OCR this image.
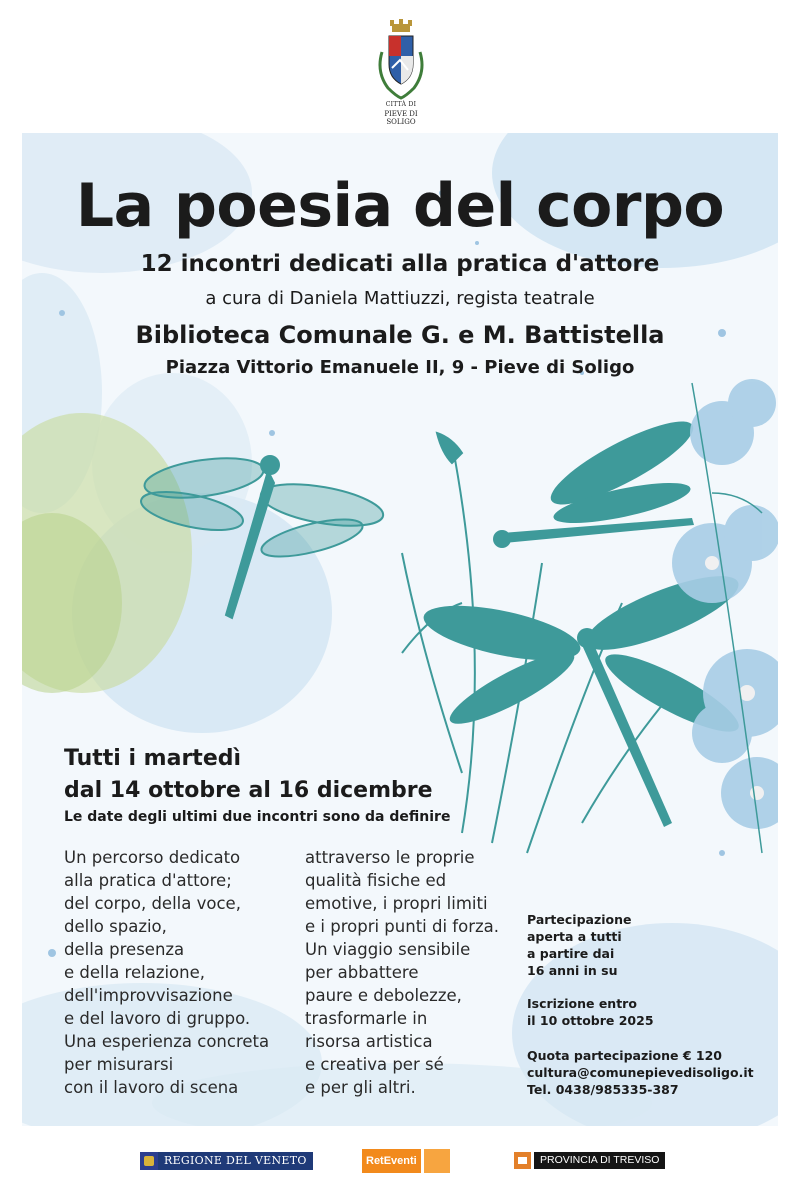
CITTÀ DI
PIEVE DI SOLIGO
La poesia del corpo
12 incontri dedicati alla pratica d'attore
a cura di Daniela Mattiuzzi, regista teatrale
Biblioteca Comunale G. e M. Battistella
Piazza Vittorio Emanuele II, 9 - Pieve di Soligo
Tutti i martedì
dal 14 ottobre al 16 dicembre
Le date degli ultimi due incontri sono da definire
Un percorso dedicato
alla pratica d'attore;
del corpo, della voce,
dello spazio,
della presenza
e della relazione,
dell'improvvisazione
e del lavoro di gruppo.
Una esperienza concreta
per misurarsi
con il lavoro di scena
attraverso le proprie
qualità fisiche ed
emotive, i propri limiti
e i propri punti di forza.
Un viaggio sensibile
per abbattere
paure e debolezze,
trasformarle in
risorsa artistica
e creativa per sé
e per gli altri.
Partecipazione
aperta a tutti
a partire dai
16 anni in su
Iscrizione entro
il 10 ottobre 2025
Quota partecipazione € 120
cultura@comunepievedisoligo.it
Tel. 0438/985335-387
REGIONE DEL VENETO	RetEventi	PROVINCIA DI TREVISO
